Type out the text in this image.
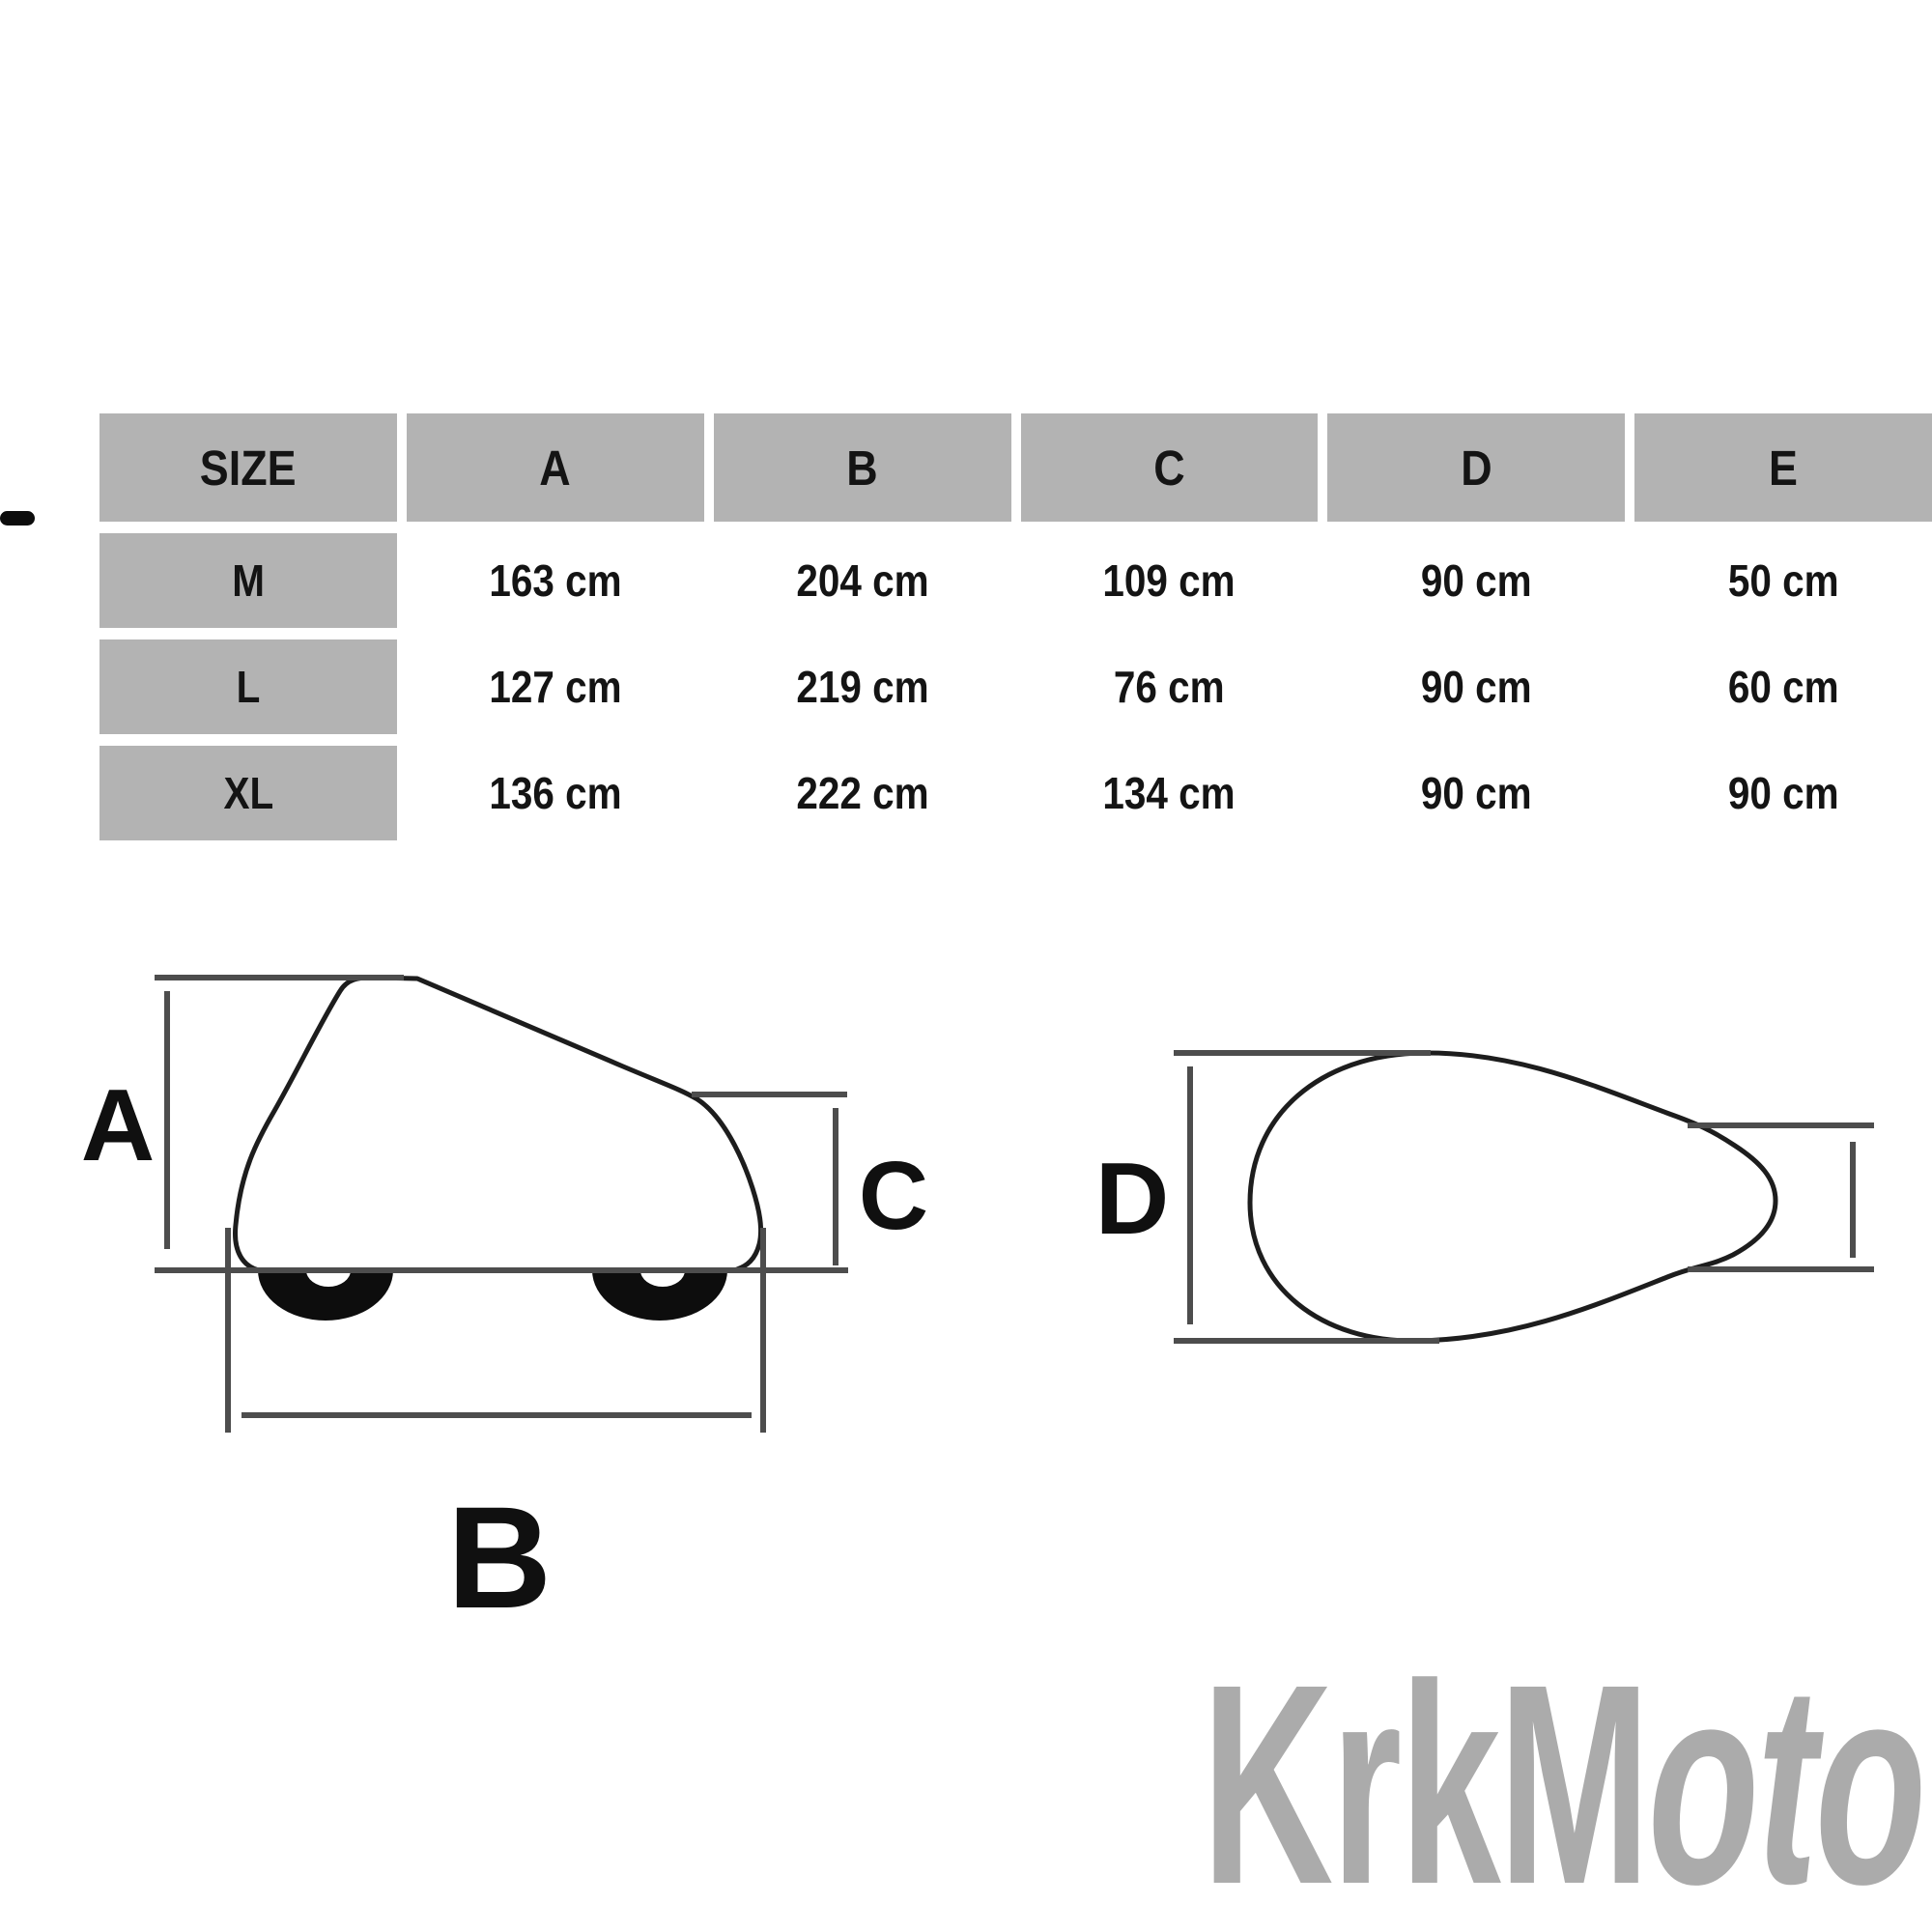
SIZE	A	B	C	D	E
M	163 cm	204 cm	109 cm	90 cm	50 cm
L	127 cm	219 cm	76 cm	90 cm	60 cm
XL	136 cm	222 cm	134 cm	90 cm	90 cm
A
B
C D
KrkMoto
